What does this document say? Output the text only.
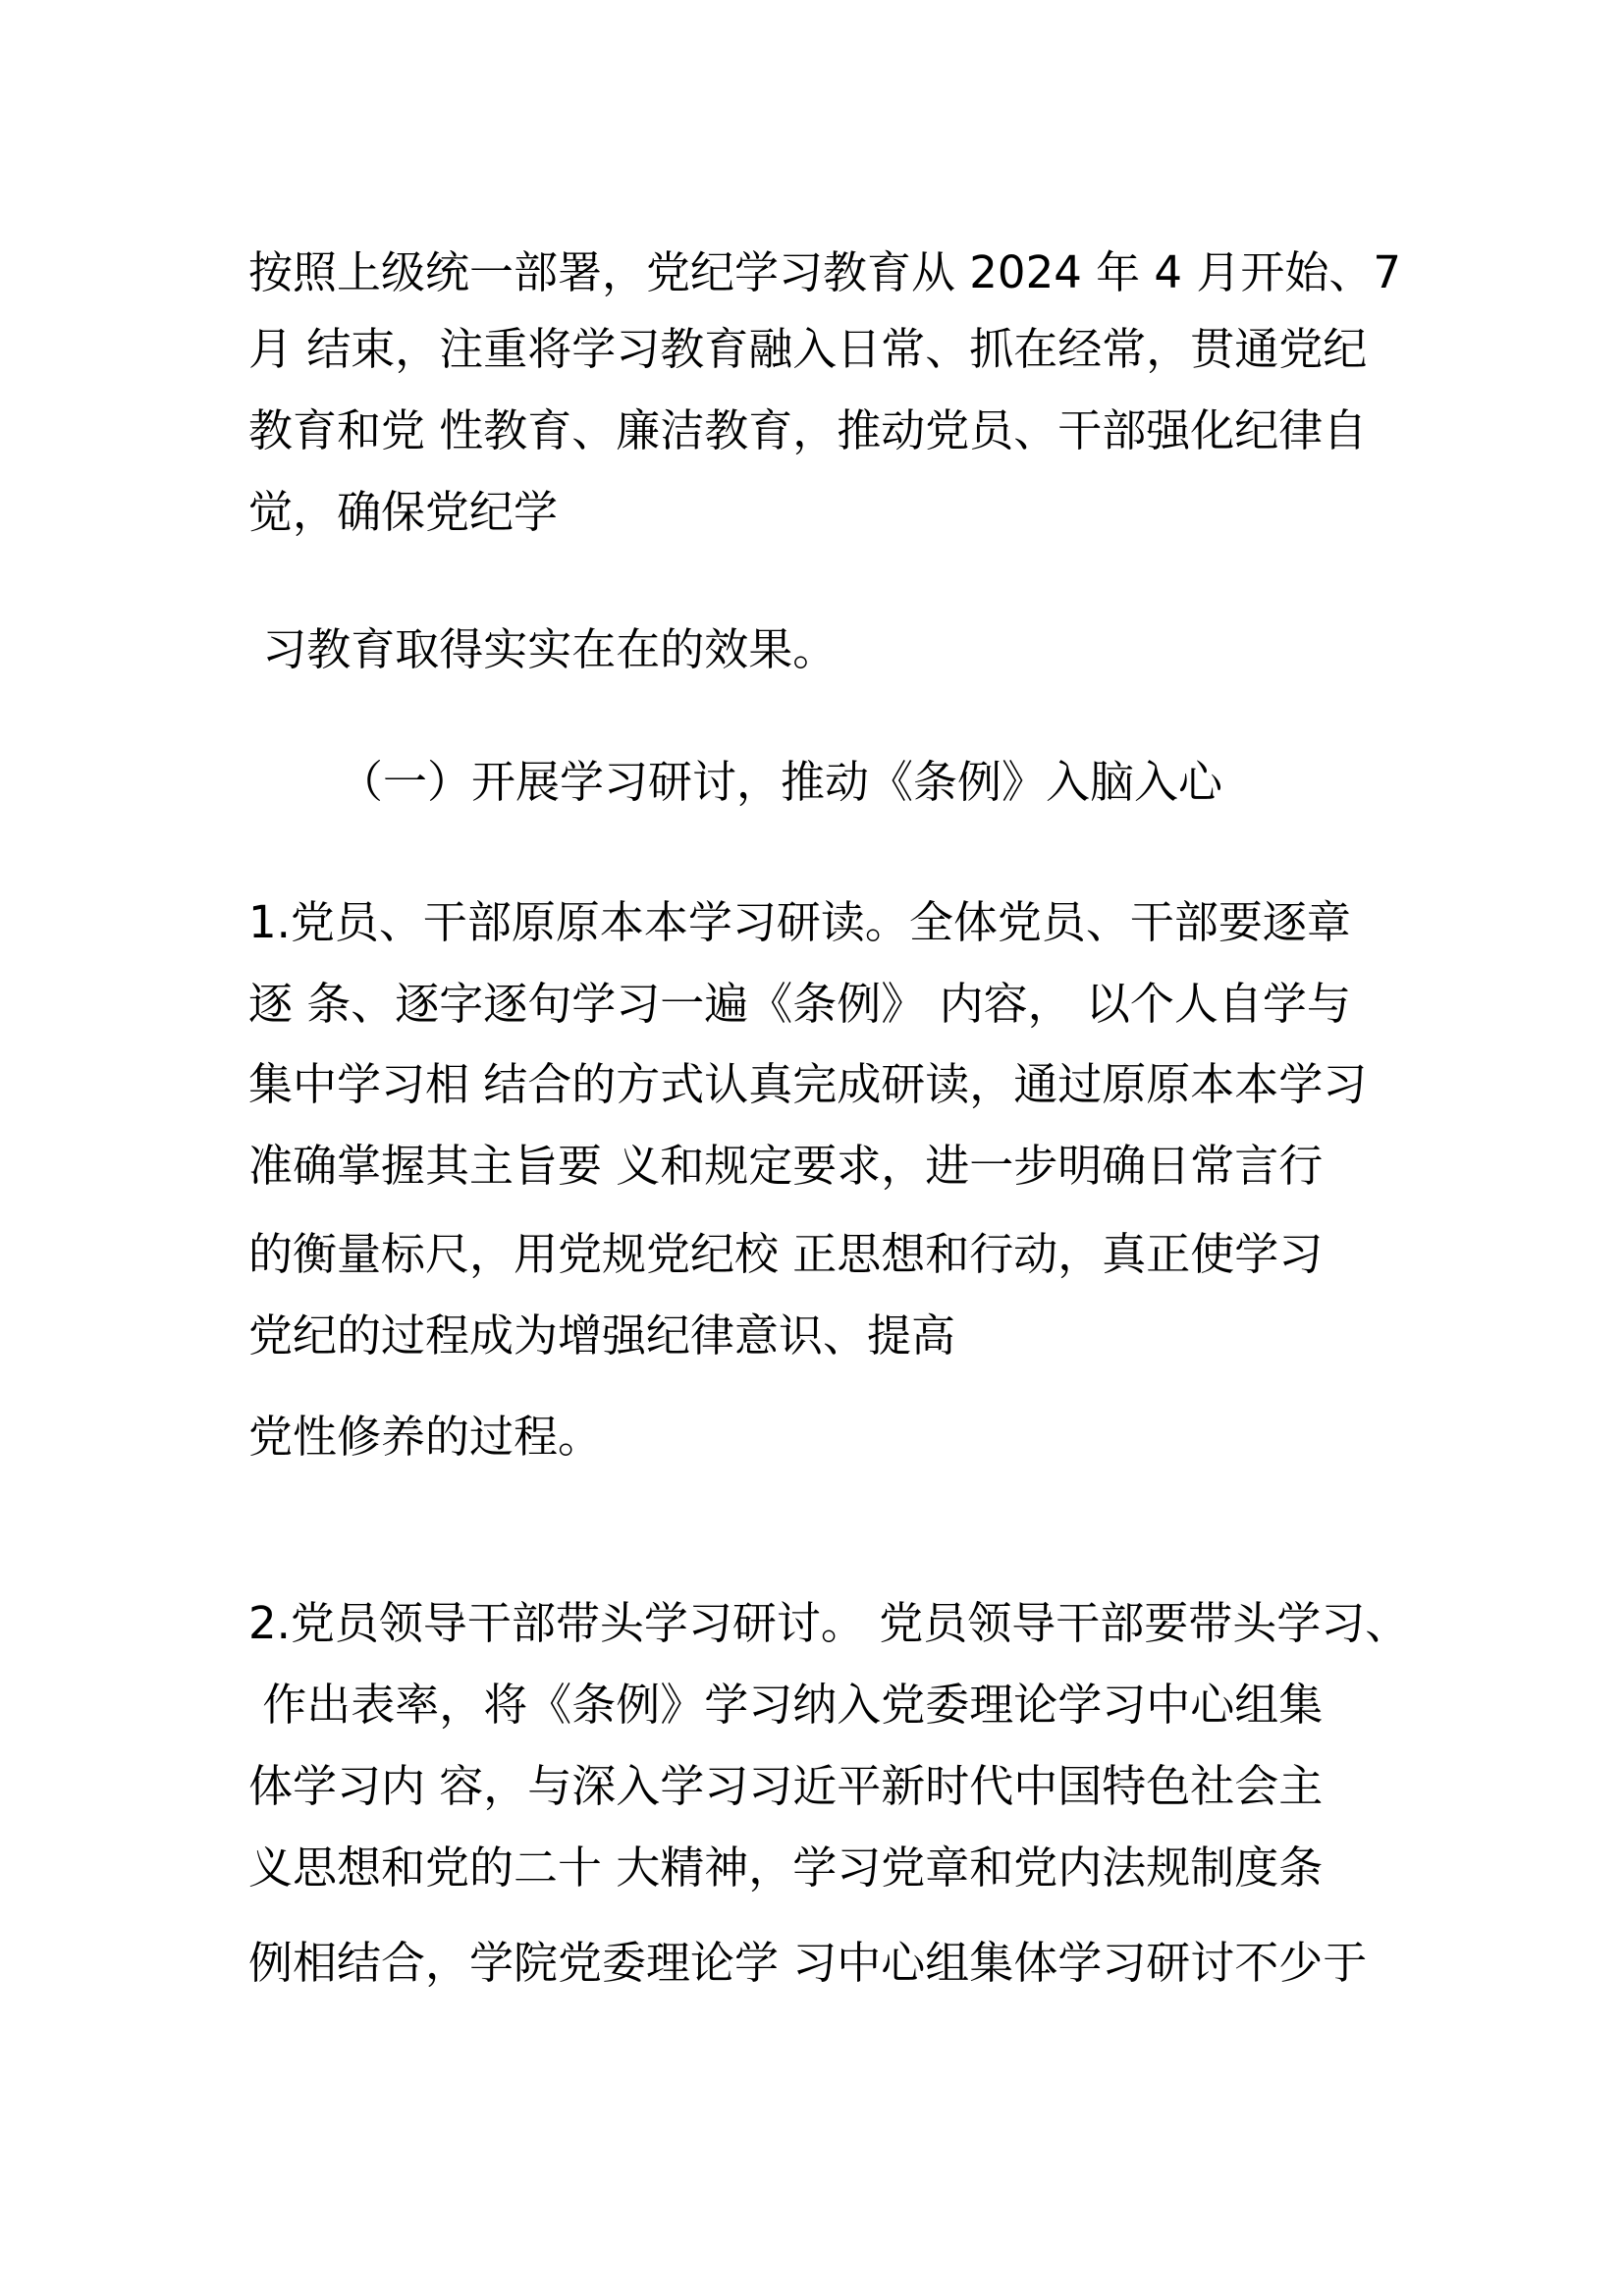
按照上级统一部署，党纪学习教育从 2024 年 4 月开始、7
月 结束，注重将学习教育融入日常、抓在经常，贯通党纪
教育和党 性教育、廉洁教育，推动党员、干部强化纪律自
觉，确保党纪学
习教育取得实实在在的效果。
（一）开展学习研讨，推动《条例》入脑入心
1.党员、干部原原本本学习研读。全体党员、干部要逐章
逐 条、逐字逐句学习一遍《条例》 内容， 以个人自学与
集中学习相 结合的方式认真完成研读，通过原原本本学习
准确掌握其主旨要 义和规定要求，进一步明确日常言行
的衡量标尺，用党规党纪校 正思想和行动，真正使学习
党纪的过程成为增强纪律意识、提高
党性修养的过程。
2.党员领导干部带头学习研讨。 党员领导干部要带头学习、
作出表率，将《条例》学习纳入党委理论学习中心组集
体学习内 容，与深入学习习近平新时代中国特色社会主
义思想和党的二十 大精神，学习党章和党内法规制度条
例相结合，学院党委理论学 习中心组集体学习研讨不少于
